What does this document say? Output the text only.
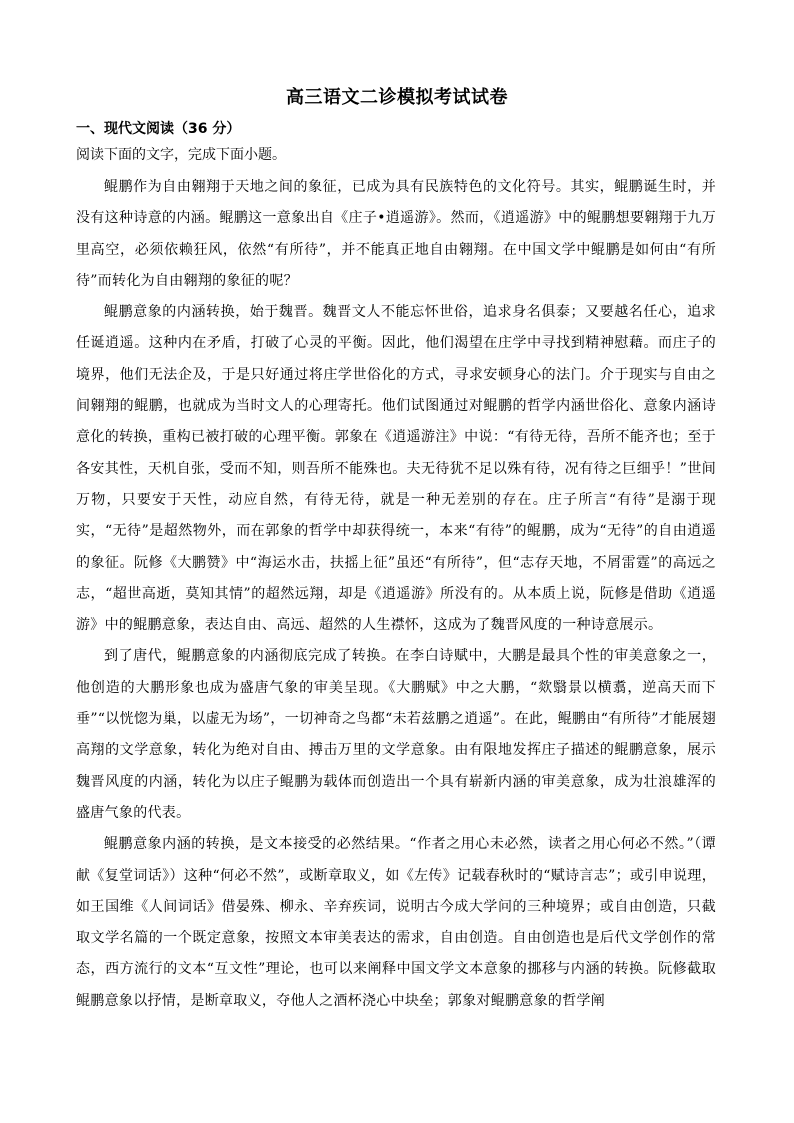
高三语文二诊模拟考试试卷
一、现代文阅读（36 分）
阅读下面的文字，完成下面小题。

鲲鹏作为自由翱翔于天地之间的象征，已成为具有民族特色的文化符号。其实，鲲鹏诞生时，并没有这种诗意的内涵。鲲鹏这一意象出自《庄子•逍遥游》。然而，《逍遥游》中的鲲鹏想要翱翔于九万里高空，必须依赖狂风，依然“有所待”，并不能真正地自由翱翔。在中国文学中鲲鹏是如何由“有所待”而转化为自由翱翔的象征的呢？

鲲鹏意象的内涵转换，始于魏晋。魏晋文人不能忘怀世俗，追求身名俱泰；又要越名任心，追求任诞逍遥。这种内在矛盾，打破了心灵的平衡。因此，他们渴望在庄学中寻找到精神慰藉。而庄子的境界，他们无法企及，于是只好通过将庄学世俗化的方式，寻求安顿身心的法门。介于现实与自由之间翱翔的鲲鹏，也就成为当时文人的心理寄托。他们试图通过对鲲鹏的哲学内涵世俗化、意象内涵诗意化的转换，重构已被打破的心理平衡。郭象在《逍遥游注》中说：“有待无待，吾所不能齐也；至于各安其性，天机自张，受而不知，则吾所不能殊也。夫无待犹不足以殊有待，况有待之巨细乎！”世间万物，只要安于天性，动应自然，有待无待，就是一种无差别的存在。庄子所言“有待”是溺于现实，“无待”是超然物外，而在郭象的哲学中却获得统一，本来“有待”的鲲鹏，成为“无待”的自由逍遥的象征。阮修《大鹏赞》中“海运水击，扶摇上征”虽还“有所待”，但“志存天地，不屑雷霆”的高远之志，“超世高逝，莫知其情”的超然远翔，却是《逍遥游》所没有的。从本质上说，阮修是借助《逍遥游》中的鲲鹏意象，表达自由、高远、超然的人生襟怀，这成为了魏晋风度的一种诗意展示。

到了唐代，鲲鹏意象的内涵彻底完成了转换。在李白诗赋中，大鹏是最具个性的审美意象之一，他创造的大鹏形象也成为盛唐气象的审美呈现。《大鹏赋》中之大鹏，“欻翳景以横翥，逆高天而下垂”“以恍惚为巢，以虚无为场”，一切神奇之鸟都“未若兹鹏之逍遥”。在此，鲲鹏由“有所待”才能展翅高翔的文学意象，转化为绝对自由、搏击万里的文学意象。由有限地发挥庄子描述的鲲鹏意象，展示魏晋风度的内涵，转化为以庄子鲲鹏为载体而创造出一个具有崭新内涵的审美意象，成为壮浪雄浑的盛唐气象的代表。

鲲鹏意象内涵的转换，是文本接受的必然结果。“作者之用心未必然，读者之用心何必不然。”（谭献《复堂词话》）这种“何必不然”，或断章取义，如《左传》记载春秋时的“赋诗言志”；或引申说理，如王国维《人间词话》借晏殊、柳永、辛弃疾词，说明古今成大学问的三种境界；或自由创造，只截取文学名篇的一个既定意象，按照文本审美表达的需求，自由创造。自由创造也是后代文学创作的常态，西方流行的文本“互文性”理论，也可以来阐释中国文学文本意象的挪移与内涵的转换。阮修截取鲲鹏意象以抒情，是断章取义，夺他人之酒杯浇心中块垒；郭象对鲲鹏意象的哲学阐
